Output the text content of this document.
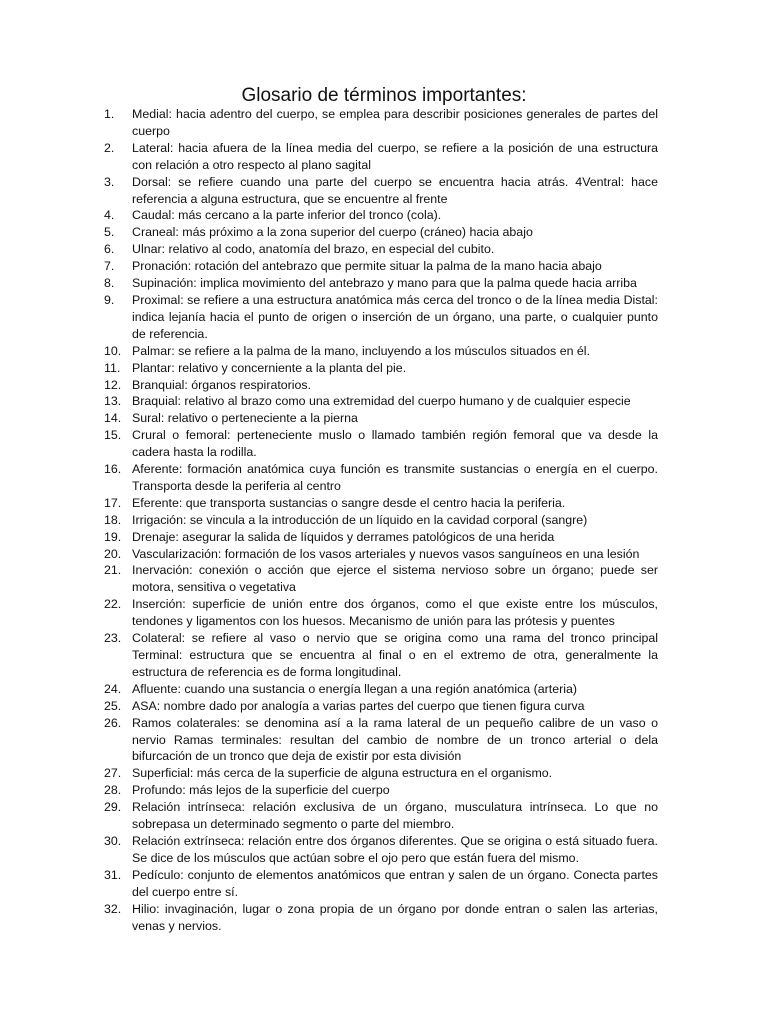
Glosario de términos importantes:
1.	Medial: hacia adentro del cuerpo, se emplea para describir posiciones generales de partes del cuerpo
2.	Lateral: hacia afuera de la línea media del cuerpo, se refiere a la posición de una estructura con relación a otro respecto al plano sagital
3.	Dorsal: se refiere cuando una parte del cuerpo se encuentra hacia atrás. 4Ventral: hace referencia a alguna estructura, que se encuentre al frente
4.	Caudal: más cercano a la parte inferior del tronco (cola).
5.	Craneal: más próximo a la zona superior del cuerpo (cráneo) hacia abajo
6.	Ulnar: relativo al codo, anatomía del brazo, en especial del cubito.
7.	Pronación: rotación del antebrazo que permite situar la palma de la mano hacia abajo
8.	Supinación: implica movimiento del antebrazo y mano para que la palma quede hacia arriba
9.	Proximal: se refiere a una estructura anatómica más cerca del tronco o de la línea media Distal: indica lejanía hacia el punto de origen o inserción de un órgano, una parte, o cualquier punto de referencia.
10. Palmar: se refiere a la palma de la mano, incluyendo a los músculos situados en él.
11. Plantar: relativo y concerniente a la planta del pie.
12. Branquial: órganos respiratorios.
13. Braquial: relativo al brazo como una extremidad del cuerpo humano y de cualquier especie
14. Sural: relativo o perteneciente a la pierna
15. Crural o femoral: perteneciente muslo o llamado también región femoral que va desde la cadera hasta la rodilla.
16. Aferente: formación anatómica cuya función es transmite sustancias o energía en el cuerpo. Transporta desde la periferia al centro
17. Eferente: que transporta sustancias o sangre desde el centro hacia la periferia.
18. Irrigación: se vincula a la introducción de un líquido en la cavidad corporal (sangre)
19. Drenaje: asegurar la salida de líquidos y derrames patológicos de una herida
20. Vascularización: formación de los vasos arteriales y nuevos vasos sanguíneos en una lesión
21. Inervación: conexión o acción que ejerce el sistema nervioso sobre un órgano; puede ser motora, sensitiva o vegetativa
22. Inserción: superficie de unión entre dos órganos, como el que existe entre los músculos, tendones y ligamentos con los huesos. Mecanismo de unión para las prótesis y puentes
23. Colateral: se refiere al vaso o nervio que se origina como una rama del tronco principal Terminal: estructura que se encuentra al final o en el extremo de otra, generalmente la estructura de referencia es de forma longitudinal.
24. Afluente: cuando una sustancia o energía llegan a una región anatómica (arteria)
25. ASA: nombre dado por analogía a varias partes del cuerpo que tienen figura curva
26. Ramos colaterales: se denomina así a la rama lateral de un pequeño calibre de un vaso o nervio Ramas terminales: resultan del cambio de nombre de un tronco arterial o dela bifurcación de un tronco que deja de existir por esta división
27. Superficial: más cerca de la superficie de alguna estructura en el organismo.
28. Profundo: más lejos de la superficie del cuerpo
29. Relación intrínseca: relación exclusiva de un órgano, musculatura intrínseca. Lo que no sobrepasa un determinado segmento o parte del miembro.
30. Relación extrínseca: relación entre dos órganos diferentes. Que se origina o está situado fuera. Se dice de los músculos que actúan sobre el ojo pero que están fuera del mismo.
31. Pedículo: conjunto de elementos anatómicos que entran y salen de un órgano. Conecta partes del cuerpo entre sí.
32. Hilio: invaginación, lugar o zona propia de un órgano por donde entran o salen las arterias, venas y nervios.
